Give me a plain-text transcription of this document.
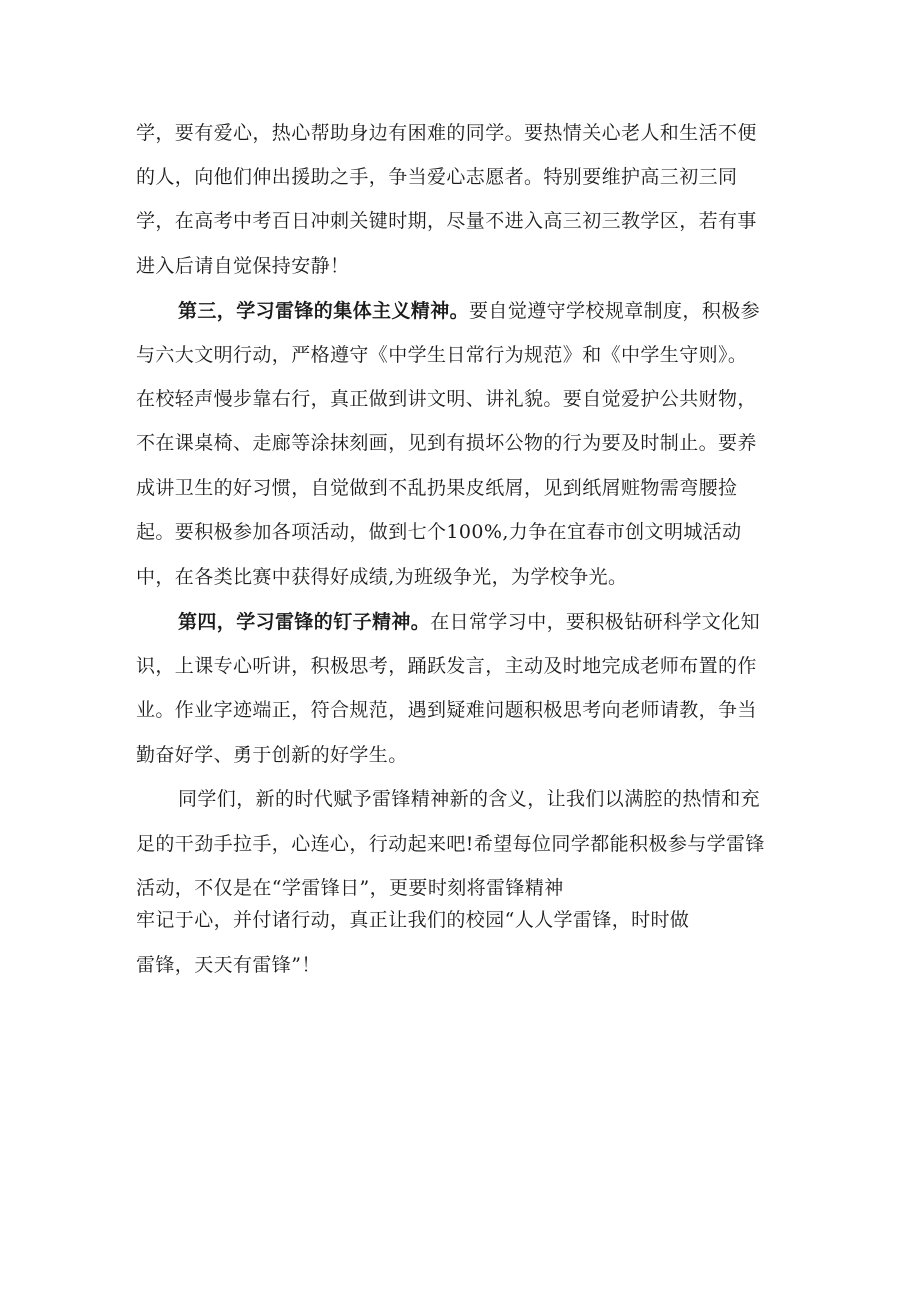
学，要有爱心，热心帮助身边有困难的同学。要热情关心老人和生活不便
的人，向他们伸出援助之手，争当爱心志愿者。特别要维护高三初三同
学，在高考中考百日冲刺关键时期，尽量不进入高三初三教学区，若有事
进入后请自觉保持安静！
第三，学习雷锋的集体主义精神。要自觉遵守学校规章制度，积极参
与六大文明行动，严格遵守《中学生日常行为规范》和《中学生守则》。
在校轻声慢步靠右行，真正做到讲文明、讲礼貌。要自觉爱护公共财物，
不在课桌椅、走廊等涂抹刻画，见到有损坏公物的行为要及时制止。要养
成讲卫生的好习惯，自觉做到不乱扔果皮纸屑，见到纸屑赃物需弯腰捡
起。要积极参加各项活动，做到七个100%,力争在宜春市创文明城活动
中，在各类比赛中获得好成绩,为班级争光，为学校争光。
第四，学习雷锋的钉子精神。在日常学习中，要积极钻研科学文化知
识，上课专心听讲，积极思考，踊跃发言，主动及时地完成老师布置的作
业。作业字迹端正，符合规范，遇到疑难问题积极思考向老师请教，争当
勤奋好学、勇于创新的好学生。
同学们，新的时代赋予雷锋精神新的含义，让我们以满腔的热情和充
足的干劲手拉手，心连心，行动起来吧!希望每位同学都能积极参与学雷锋
活动，不仅是在“学雷锋日”，更要时刻将雷锋精神
牢记于心，并付诸行动，真正让我们的校园“人人学雷锋，时时做
雷锋，天天有雷锋”！
